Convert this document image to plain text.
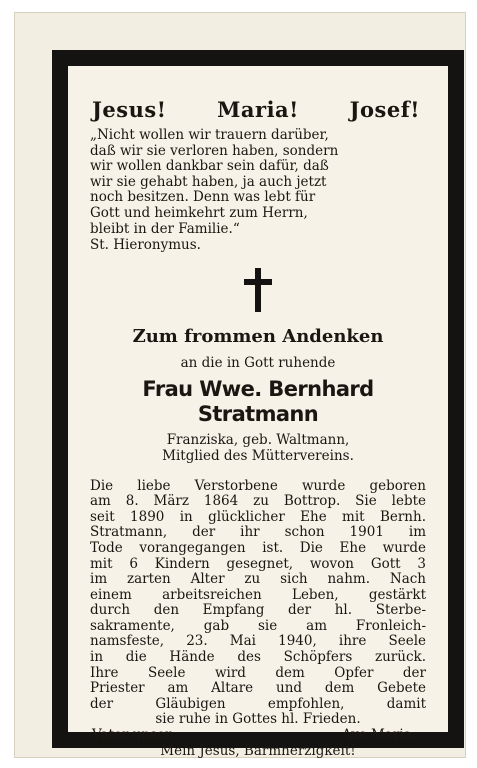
Jesus! Maria! Josef!

„Nicht wollen wir trauern darüber,

daß wir sie verloren haben, sondern

wir wollen dankbar sein dafür, daß

wir sie gehabt haben, ja auch jetzt

noch besitzen. Denn was lebt für

Gott und heimkehrt zum Herrn,

bleibt in der Familie.“

St. Hieronymus.
Zum frommen Andenken
an die in Gott ruhende
Frau Wwe. Bernhard Stratmann
Franziska, geb. Waltmann,
Mitglied des Müttervereins.

Die liebe Verstorbene wurde geboren

am 8. März 1864 zu Bottrop. Sie lebte

seit 1890 in glücklicher Ehe mit Bernh.

Stratmann, der ihr schon 1901 im

Tode vorangegangen ist. Die Ehe wurde

mit 6 Kindern gesegnet, wovon Gott 3

im zarten Alter zu sich nahm. Nach

einem arbeitsreichen Leben, gestärkt

durch den Empfang der hl. Sterbe-

sakramente, gab sie am Fronleich-

namsfeste, 23. Mai 1940, ihre Seele

in die Hände des Schöpfers zurück.

Ihre Seele wird dem Opfer der

Priester am Altare und dem Gebete

der Gläubigen empfohlen, damit

sie ruhe in Gottes hl. Frieden.

Vater unser.	Ave Maria.
Mein Jesus, Barmherzigkeit!
